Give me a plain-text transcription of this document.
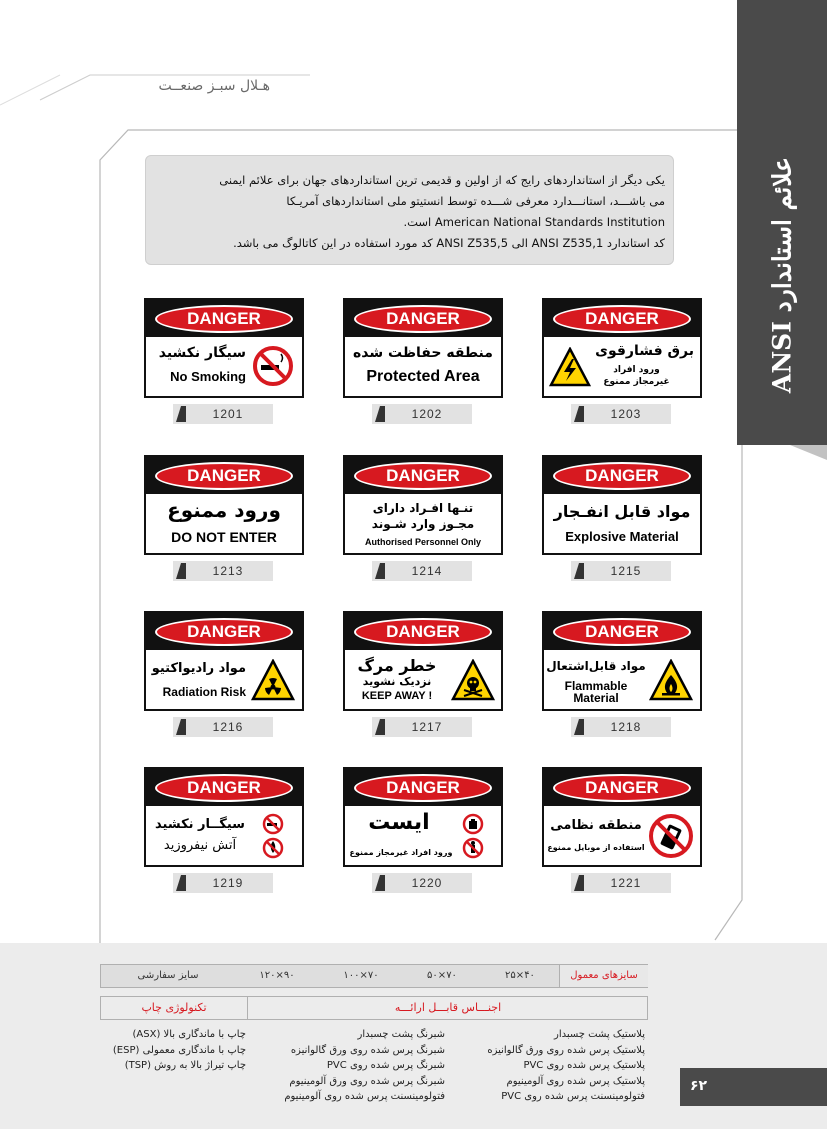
هـلال سبـز صنعــت
علائم استاندارد ANSI
یکی دیگر از استانداردهای رایج که از اولین و قدیمی ترین استانداردهای جهان برای علائم ایمنی
می باشـــد، استانـــدارد معرفی شـــده توسط انستیتو ملی استانداردهای آمریـکا
American National Standards Institution است.
کد استاندارد ANSI Z535,1 الی ANSI Z535,5 کد مورد استفاده در این کاتالوگ می باشد.
DANGER
سیگار نکشید
No Smoking
1201
DANGER
منطقه حفاظت شده
Protected Area
1202
DANGER
برق فشارقوی
ورود افراد
غیرمجاز ممنوع
1203
DANGER
ورود ممنوع
DO NOT ENTER
1213
DANGER
تنـها افـراد دارای
مجـوز وارد شـوند
Authorised Personnel Only
1214
DANGER
مواد قابل انفـجار
Explosive Material
1215
DANGER
مواد رادیواکتیو
Radiation Risk
1216
DANGER
خطر مرگ
نزدیک نشوید
KEEP AWAY !
1217
DANGER
مواد قابل‌اشتعال
Flammable
Material
1218
DANGER
سیگــار نکشید
آتش نیفروزید
1219
DANGER
ایست
ورود افراد غیرمجاز ممنوع
1220
DANGER
منطقه نظامی
استفاده از موبایل ممنوع
1221
۶۲
سایزهای معمول
۴۰×۲۵
۷۰×۵۰
۷۰×۱۰۰
۹۰×۱۲۰
سایز سفارشی
اجنـــاس قابـــل ارائـــه
تکنولوژی چاپ
پلاستیک پشت چسبدار
پلاستیک پرس شده روی ورق گالوانیزه
پلاستیک پرس شده روی PVC
پلاستیک پرس شده روی آلومینیوم
فتولومینسنت پرس شده روی PVC
شبرنگ پشت چسبدار
شبرنگ پرس شده روی ورق گالوانیزه
شبرنگ پرس شده روی PVC
شبرنگ پرس شده روی ورق آلومینیوم
فتولومینسنت پرس شده روی آلومینیوم
چاپ با ماندگاری بالا (ASX)
چاپ با ماندگاری معمولی (ESP)
چاپ تیراژ بالا به روش (TSP)
